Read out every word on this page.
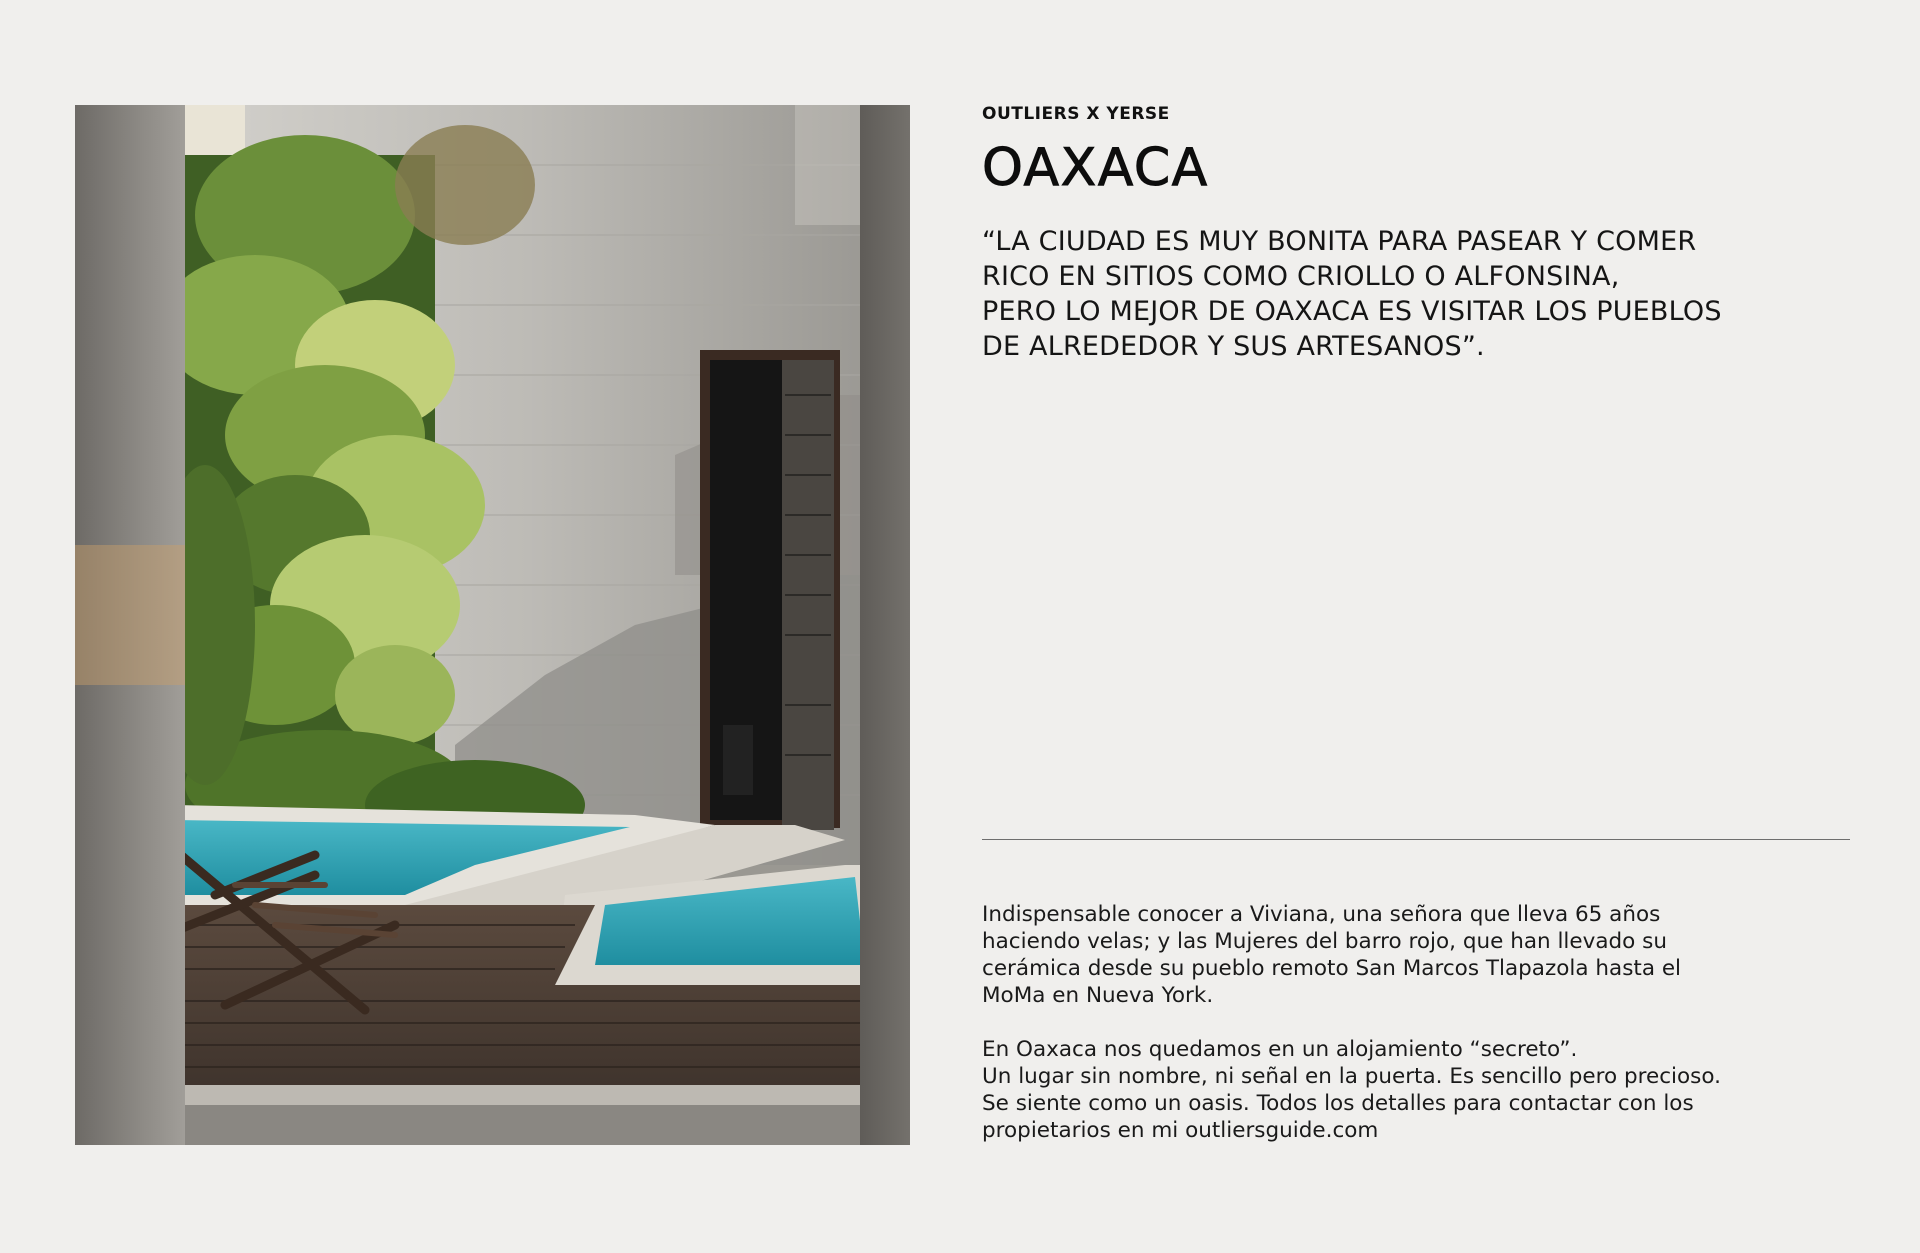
OUTLIERS X YERSE
OAXACA

“LA CIUDAD ES MUY BONITA PARA PASEAR Y COMER
RICO EN SITIOS COMO CRIOLLO O ALFONSINA,
PERO LO MEJOR DE OAXACA ES VISITAR LOS PUEBLOS
DE ALREDEDOR Y SUS ARTESANOS”.

Indispensable conocer a Viviana, una señora que lleva 65 años
haciendo velas; y las Mujeres del barro rojo, que han llevado su
cerámica desde su pueblo remoto San Marcos Tlapazola hasta el
MoMa en Nueva York.

En Oaxaca nos quedamos en un alojamiento “secreto”.
Un lugar sin nombre, ni señal en la puerta. Es sencillo pero precioso.
Se siente como un oasis. Todos los detalles para contactar con los
propietarios en mi outliersguide.com
